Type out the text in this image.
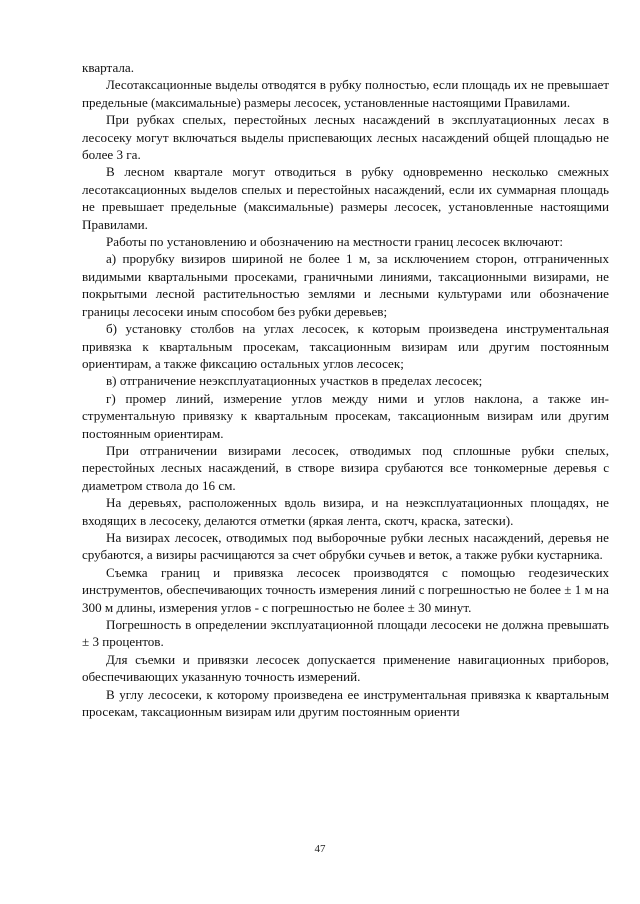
квартала.

Лесотаксационные выделы отводятся в рубку полностью, если площадь их не превышает предельные (максимальные) размеры лесосек, установленные настоящими Правилами.

При рубках спелых, перестойных лесных насаждений в эксплуатационных лесах в лесосеку могут включаться выделы приспевающих лесных насаждений общей площадью не более 3 га.

В лесном квартале могут отводиться в рубку одновременно несколько смежных лесотаксационных выделов спелых и перестойных насаждений, если их суммарная площадь не превышает предельные (максимальные) размеры лесосек, установленные настоящими Правилами.

Работы по установлению и обозначению на местности границ лесосек включают:

а) прорубку визиров шириной не более 1 м, за исключением сторон, отграниченных видимыми квартальными просеками, граничными линиями, таксационными визирами, не покрытыми лесной растительностью землями и лесными культурами или обозначение границы лесосеки иным способом без рубки деревьев;

б) установку столбов на углах лесосек, к которым произведена инструментальная привязка к квартальным просекам, таксационным визирам или другим постоянным ориентирам, а также фиксацию остальных углов лесосек;

в) отграничение неэксплуатационных участков в пределах лесосек;

г) промер линий, измерение углов между ними и углов наклона, а также инструментальную привязку к квартальным просекам, таксационным визирам или другим постоянным ориентирам.

При отграничении визирами лесосек, отводимых под сплошные рубки спелых, перестойных лесных насаждений, в створе визира срубаются все тонкомерные деревья с диаметром ствола до 16 см.

На деревьях, расположенных вдоль визира, и на неэксплуатационных площадях, не входящих в лесосеку, делаются отметки (яркая лента, скотч, краска, затески).

На визирах лесосек, отводимых под выборочные рубки лесных насаждений, деревья не срубаются, а визиры расчищаются за счет обрубки сучьев и веток, а также рубки кустарника.

Съемка границ и привязка лесосек производятся с помощью геодезических инструментов, обеспечивающих точность измерения линий с погрешностью не более ± 1 м на 300 м длины, измерения углов - с погрешностью не более ± 30 минут.

Погрешность в определении эксплуатационной площади лесосеки не должна превышать ± 3 процентов.

Для съемки и привязки лесосек допускается применение навигационных приборов, обеспечивающих указанную точность измерений.

В углу лесосеки, к которому произведена ее инструментальная привязка к квартальным просекам, таксационным визирам или другим постоянным ориенти

47
